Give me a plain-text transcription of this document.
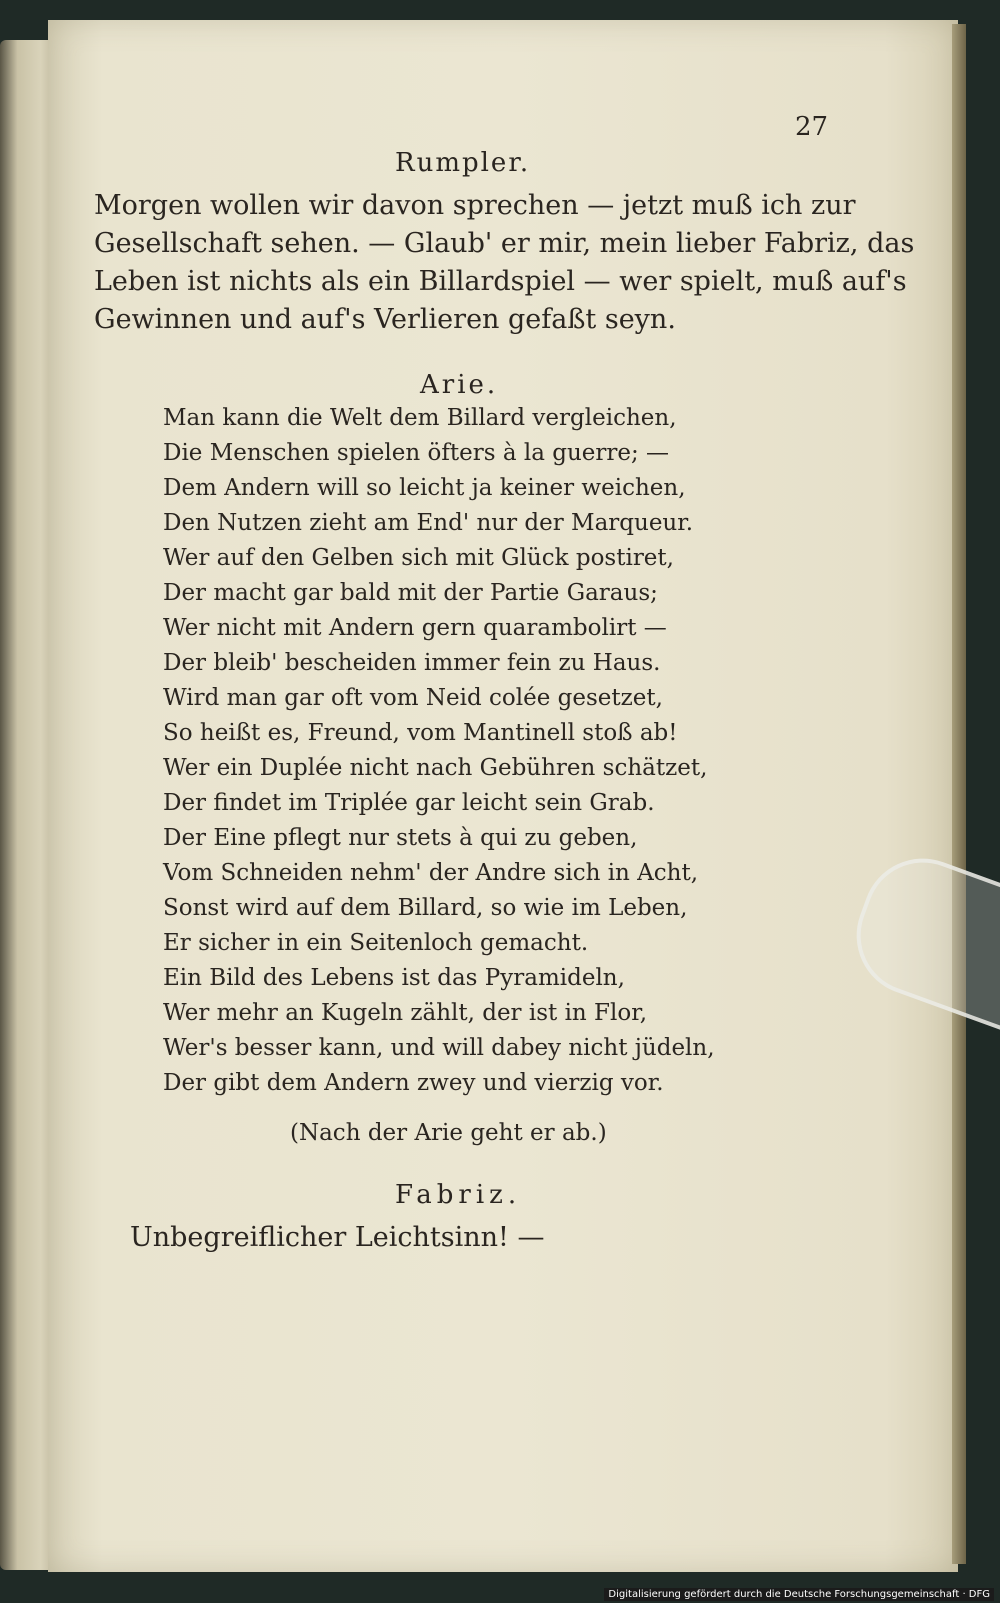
27
Rumpler.
Morgen wollen wir davon sprechen — jetzt muß ich zur
Gesellschaft sehen. — Glaub' er mir, mein lieber Fabriz, das
Leben ist nichts als ein Billardspiel — wer spielt, muß auf's
Gewinnen und auf's Verlieren gefaßt seyn.
Arie.
Man kann die Welt dem Billard vergleichen,
Die Menschen spielen öfters à la guerre; —
Dem Andern will so leicht ja keiner weichen,
Den Nutzen zieht am End' nur der Marqueur.
Wer auf den Gelben sich mit Glück postiret,
Der macht gar bald mit der Partie Garaus;
Wer nicht mit Andern gern quarambolirt —
Der bleib' bescheiden immer fein zu Haus.
Wird man gar oft vom Neid colée gesetzet,
So heißt es, Freund, vom Mantinell stoß ab!
Wer ein Duplée nicht nach Gebühren schätzet,
Der findet im Triplée gar leicht sein Grab.
Der Eine pflegt nur stets à qui zu geben,
Vom Schneiden nehm' der Andre sich in Acht,
Sonst wird auf dem Billard, so wie im Leben,
Er sicher in ein Seitenloch gemacht.
Ein Bild des Lebens ist das Pyramideln,
Wer mehr an Kugeln zählt, der ist in Flor,
Wer's besser kann, und will dabey nicht jüdeln,
Der gibt dem Andern zwey und vierzig vor.
(Nach der Arie geht er ab.)
Fabriz.
Unbegreiflicher Leichtsinn! —
Digitalisierung gefördert durch die Deutsche Forschungsgemeinschaft · DFG
